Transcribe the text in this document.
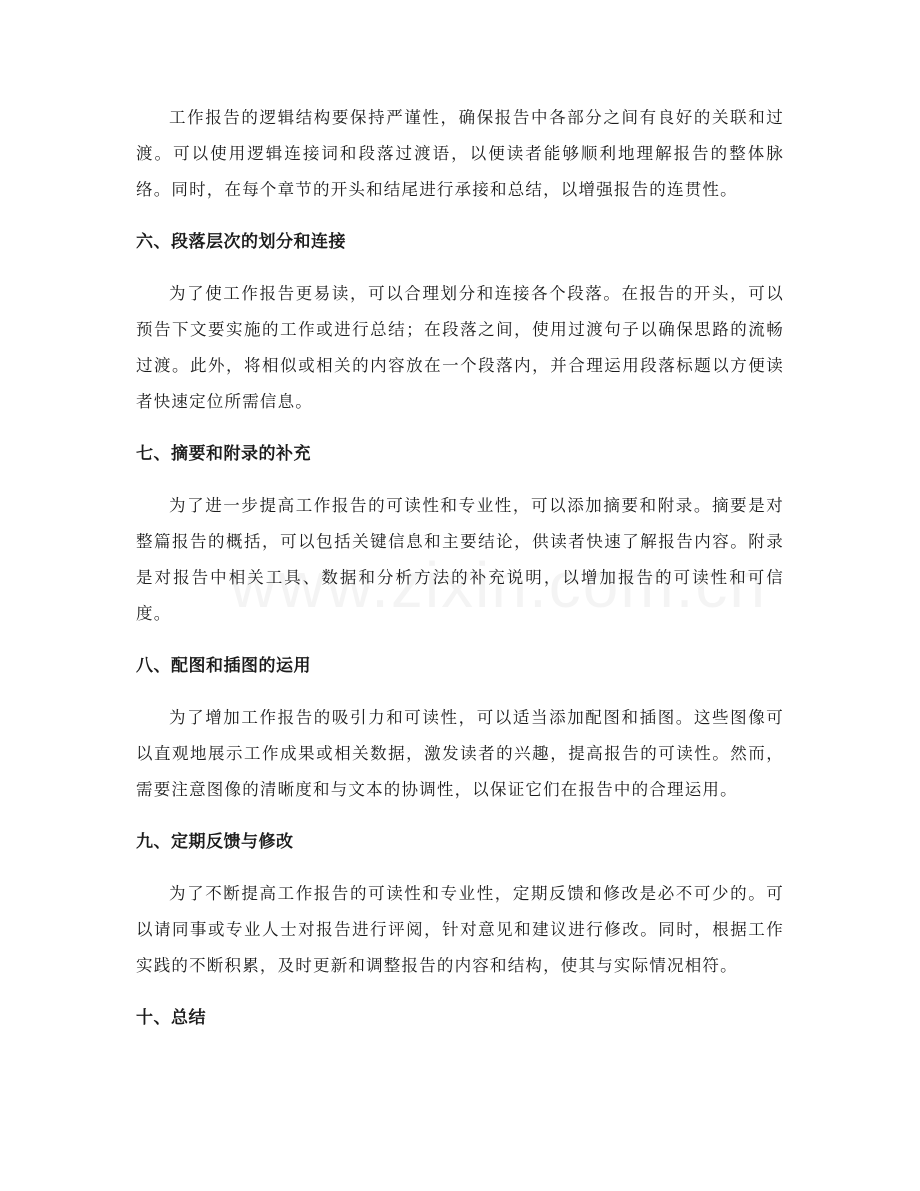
工作报告的逻辑结构要保持严谨性，确保报告中各部分之间有良好的关联和过渡。可以使用逻辑连接词和段落过渡语，以便读者能够顺利地理解报告的整体脉络。同时，在每个章节的开头和结尾进行承接和总结，以增强报告的连贯性。

六、段落层次的划分和连接

为了使工作报告更易读，可以合理划分和连接各个段落。在报告的开头，可以预告下文要实施的工作或进行总结；在段落之间，使用过渡句子以确保思路的流畅过渡。此外，将相似或相关的内容放在一个段落内，并合理运用段落标题以方便读者快速定位所需信息。

七、摘要和附录的补充

为了进一步提高工作报告的可读性和专业性，可以添加摘要和附录。摘要是对整篇报告的概括，可以包括关键信息和主要结论，供读者快速了解报告内容。附录是对报告中相关工具、数据和分析方法的补充说明，以增加报告的可读性和可信度。

八、配图和插图的运用

为了增加工作报告的吸引力和可读性，可以适当添加配图和插图。这些图像可以直观地展示工作成果或相关数据，激发读者的兴趣，提高报告的可读性。然而，需要注意图像的清晰度和与文本的协调性，以保证它们在报告中的合理运用。

九、定期反馈与修改

为了不断提高工作报告的可读性和专业性，定期反馈和修改是必不可少的。可以请同事或专业人士对报告进行评阅，针对意见和建议进行修改。同时，根据工作实践的不断积累，及时更新和调整报告的内容和结构，使其与实际情况相符。

十、总结
